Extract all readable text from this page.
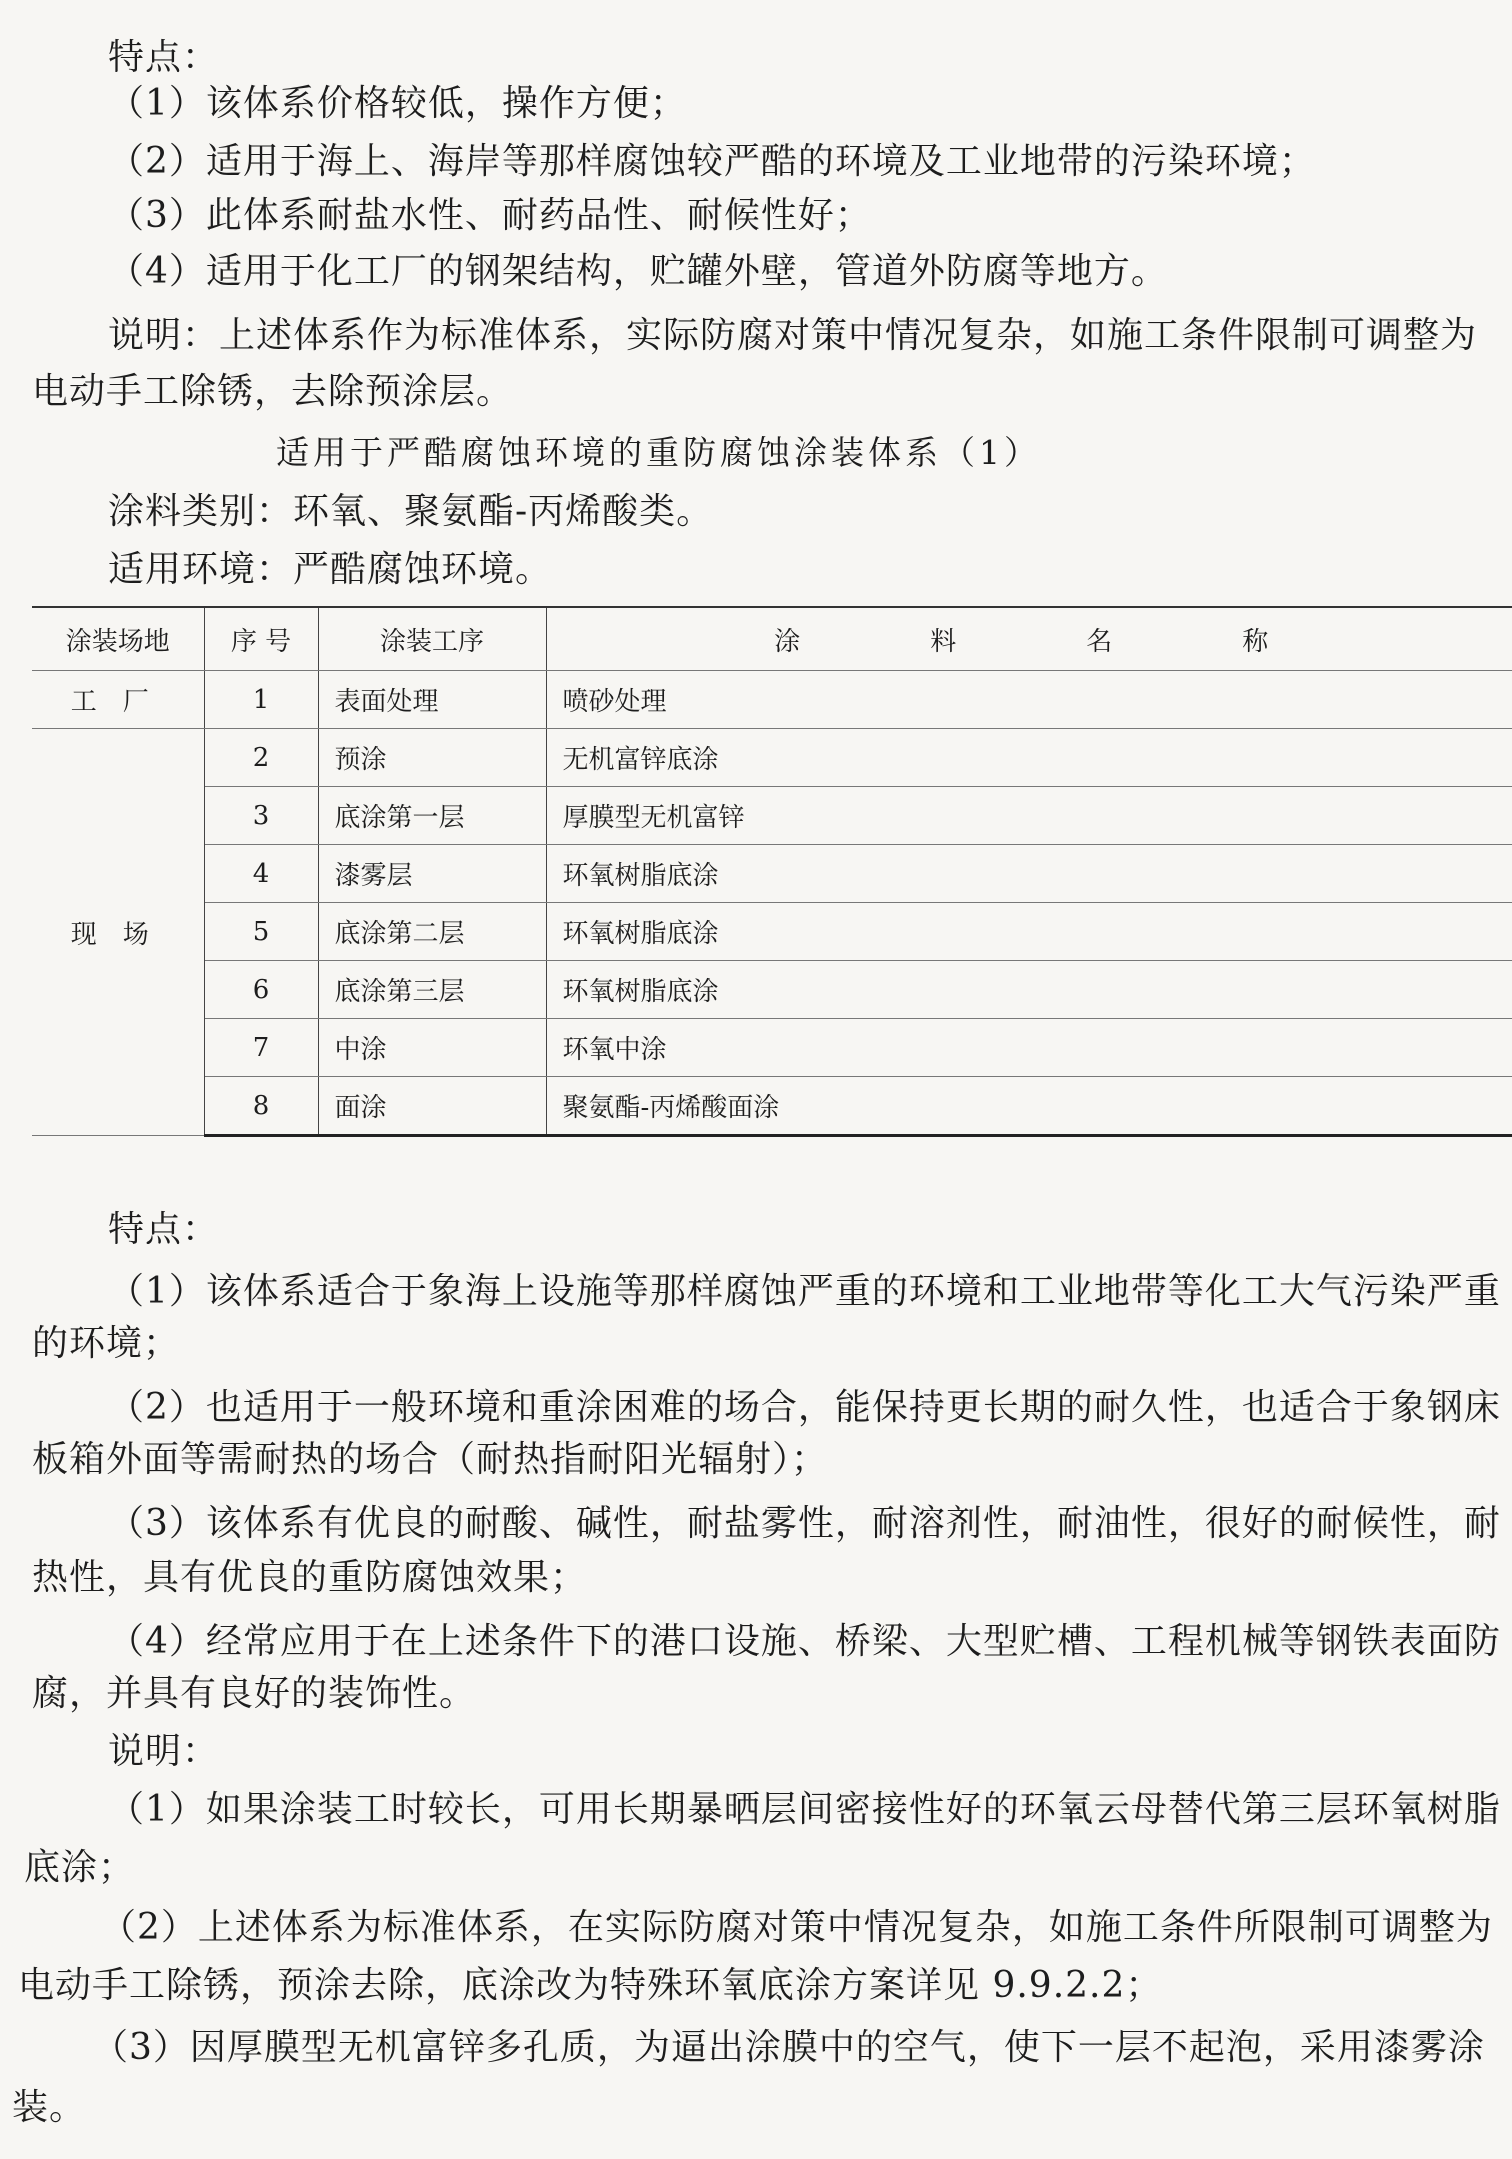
特点：
（1）该体系价格较低，操作方便；
（2）适用于海上、海岸等那样腐蚀较严酷的环境及工业地带的污染环境；
（3）此体系耐盐水性、耐药品性、耐候性好；
（4）适用于化工厂的钢架结构，贮罐外壁，管道外防腐等地方。
说明：上述体系作为标准体系，实际防腐对策中情况复杂，如施工条件限制可调整为
电动手工除锈，去除预涂层。
适用于严酷腐蚀环境的重防腐蚀涂装体系（1）
涂料类别：环氧、聚氨酯-丙烯酸类。
适用环境：严酷腐蚀环境。
涂装场地	序 号	涂装工序	涂料名称
工厂	1	表面处理	喷砂处理
现场	2	预涂	无机富锌底涂
	3	底涂第一层	厚膜型无机富锌
	4	漆雾层	环氧树脂底涂
	5	底涂第二层	环氧树脂底涂
	6	底涂第三层	环氧树脂底涂
	7	中涂	环氧中涂
	8	面涂	聚氨酯-丙烯酸面涂
特点：
（1）该体系适合于象海上设施等那样腐蚀严重的环境和工业地带等化工大气污染严重
的环境；
（2）也适用于一般环境和重涂困难的场合，能保持更长期的耐久性，也适合于象钢床
板箱外面等需耐热的场合（耐热指耐阳光辐射）；
（3）该体系有优良的耐酸、碱性，耐盐雾性，耐溶剂性，耐油性，很好的耐候性，耐
热性，具有优良的重防腐蚀效果；
（4）经常应用于在上述条件下的港口设施、桥梁、大型贮槽、工程机械等钢铁表面防
腐，并具有良好的装饰性。
说明：
（1）如果涂装工时较长，可用长期暴晒层间密接性好的环氧云母替代第三层环氧树脂
底涂；
（2）上述体系为标准体系，在实际防腐对策中情况复杂，如施工条件所限制可调整为
电动手工除锈，预涂去除，底涂改为特殊环氧底涂方案详见 9.9.2.2；
（3）因厚膜型无机富锌多孔质，为逼出涂膜中的空气，使下一层不起泡，采用漆雾涂
装。
